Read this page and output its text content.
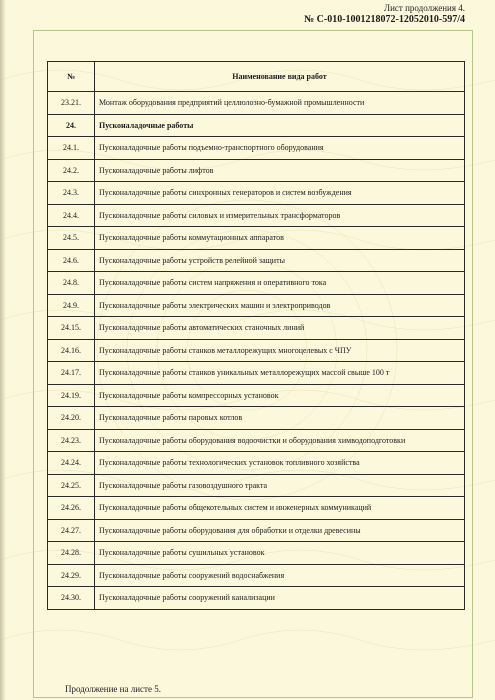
Лист продолжения 4.
№ С-010-1001218072-12052010-597/4
№	Наименование вида работ
23.21.	Монтаж оборудования предприятий целлюлозно-бумажной промышленности
24.	Пусконаладочные работы
24.1.	Пусконаладочные работы подъемно-транспортного оборудования
24.2.	Пусконаладочные работы лифтов
24.3.	Пусконаладочные работы синхронных генераторов и систем возбуждения
24.4.	Пусконаладочные работы силовых и измерительных трансформаторов
24.5.	Пусконаладочные работы коммутационных аппаратов
24.6.	Пусконаладочные работы устройств релейной защиты
24.8.	Пусконаладочные работы систем напряжения и оперативного тока
24.9.	Пусконаладочные работы электрических машин и электроприводов
24.15.	Пусконаладочные работы автоматических станочных линий
24.16.	Пусконаладочные работы станков металлорежущих многоцелевых с ЧПУ
24.17.	Пусконаладочные работы станков уникальных металлорежущих массой свыше 100 т
24.19.	Пусконаладочные работы компрессорных установок
24.20.	Пусконаладочные работы паровых котлов
24.23.	Пусконаладочные работы оборудования водоочистки и оборудования химводоподготовки
24.24.	Пусконаладочные работы технологических установок топливного хозяйства
24.25.	Пусконаладочные работы газовоздушного тракта
24.26.	Пусконаладочные работы общекотельных систем и инженерных коммуникаций
24.27.	Пусконаладочные работы оборудования для обработки и отделки древесины
24.28.	Пусконаладочные работы сушильных установок
24.29.	Пусконаладочные работы сооружений водоснабжения
24.30.	Пусконаладочные работы сооружений канализации
Продолжение на листе 5.
